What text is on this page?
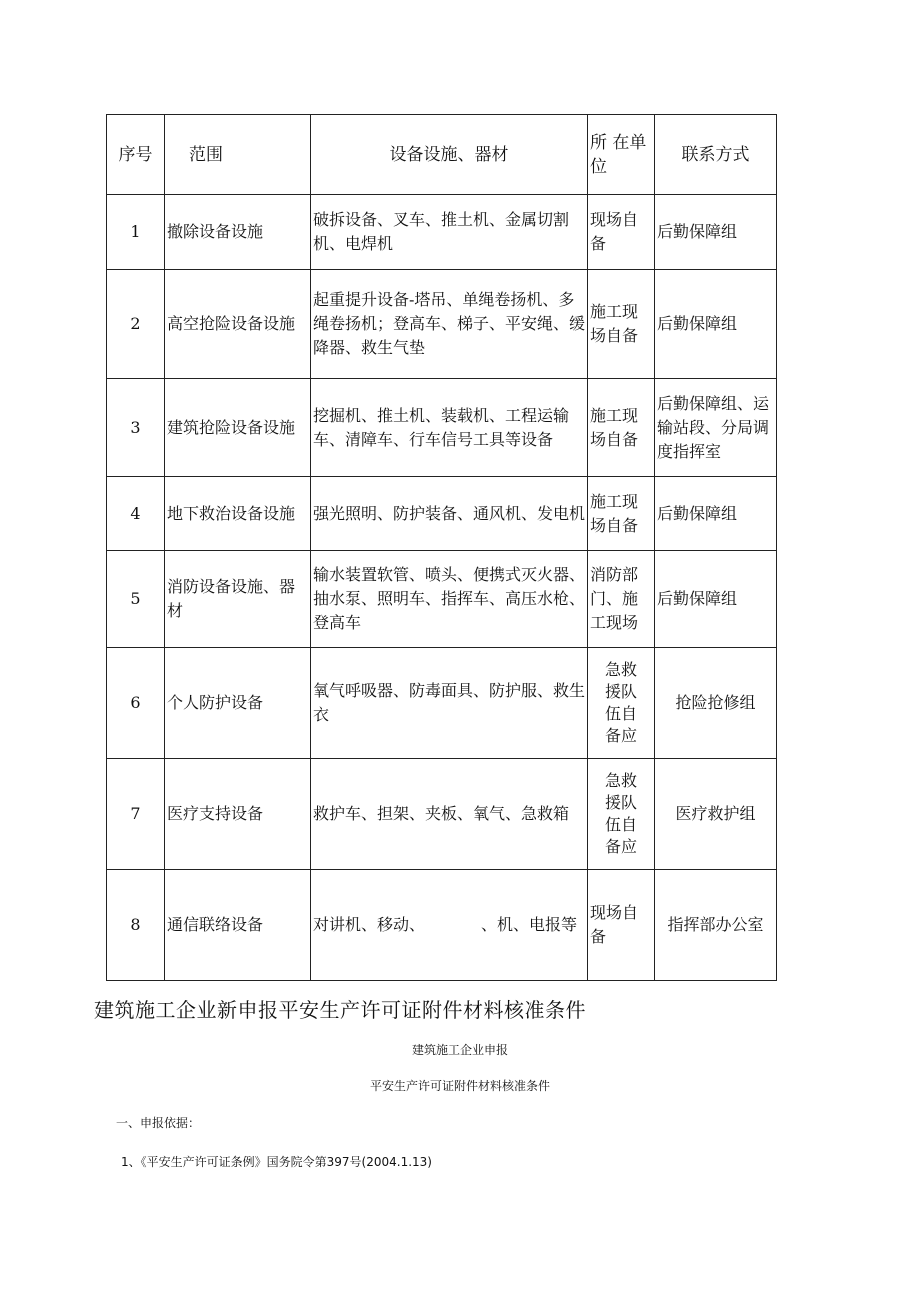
序号	范围	设备设施、器材	所 在单位	联系方式
1	撤除设备设施	破拆设备、叉车、推土机、金属切割机、电焊机	现场自备	后勤保障组
2	高空抢险设备设施	起重提升设备-塔吊、单绳卷扬机、多绳卷扬机；登高车、梯子、平安绳、缓降器、救生气垫	施工现场自备	后勤保障组
3	建筑抢险设备设施	挖掘机、推土机、装载机、工程运输车、清障车、行车信号工具等设备	施工现场自备	后勤保障组、运输站段、分局调度指挥室
4	地下救治设备设施	强光照明、防护装备、通风机、发电机	施工现场自备	后勤保障组
5	消防设备设施、器材	输水装置软管、喷头、便携式灭火器、抽水泵、照明车、指挥车、高压水枪、登高车	消防部门、施工现场	后勤保障组
6	个人防护设备	氧气呼吸器、防毒面具、防护服、救生衣	急救援队伍自备应	抢险抢修组
7	医疗支持设备	救护车、担架、夹板、氧气、急救箱	急救援队伍自备应	医疗救护组
8	通信联络设备	对讲机、移动、　　　　、机、电报等	现场自备	指挥部办公室
建筑施工企业新申报平安生产许可证附件材料核准条件

建筑施工企业申报

平安生产许可证附件材料核准条件

一、申报依据：

1、《平安生产许可证条例》国务院令第397号(2004.1.13)
